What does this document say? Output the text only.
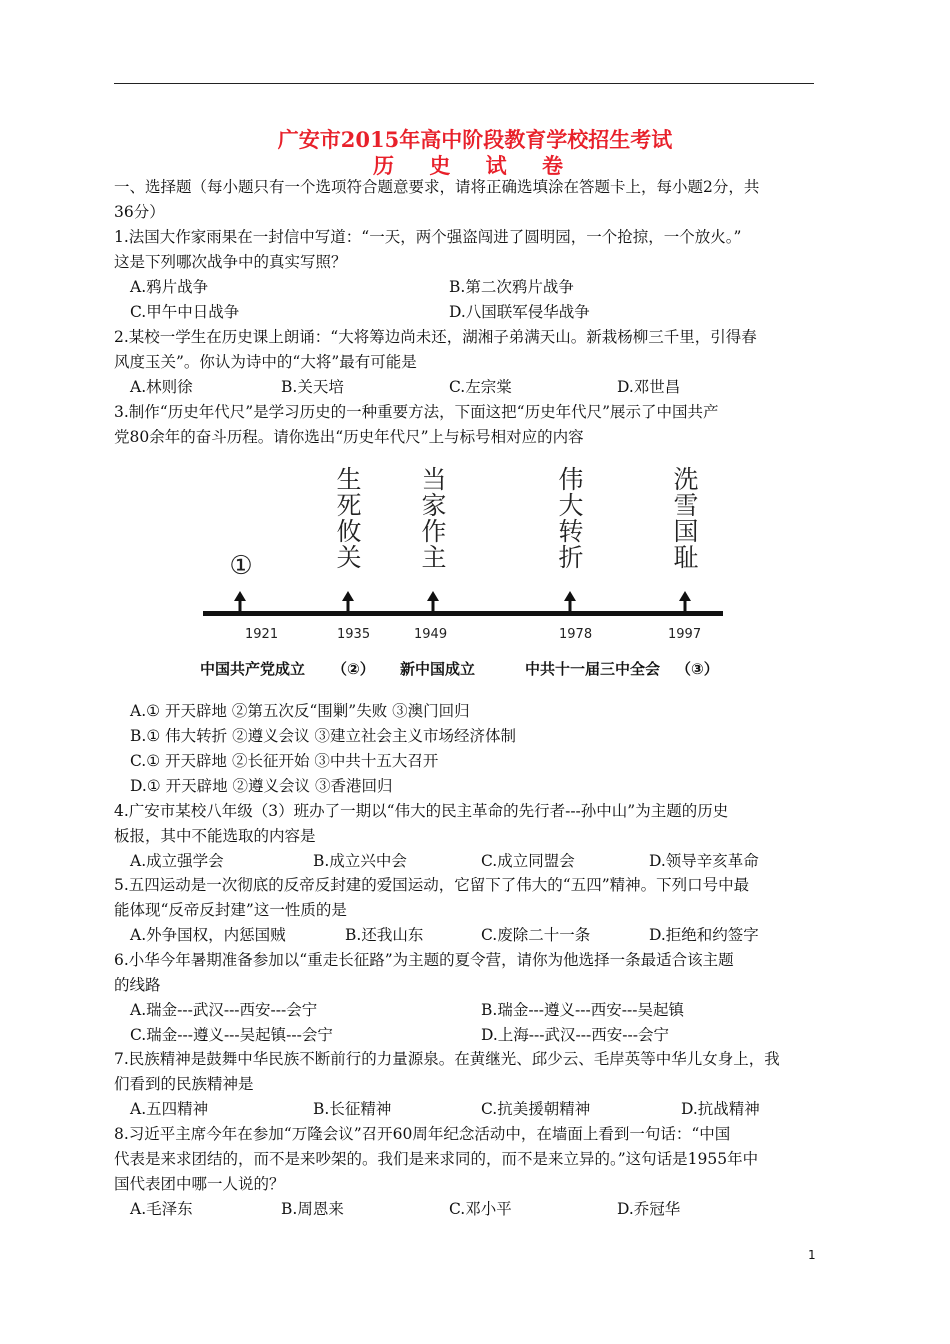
广安市2015年高中阶段教育学校招生考试
历 史 试 卷
一、选择题（每小题只有一个选项符合题意要求，请将正确选填涂在答题卡上，每小题2分，共
36分）
1.法国大作家雨果在一封信中写道：“一天，两个强盗闯进了圆明园，一个抢掠，一个放火。”
这是下列哪次战争中的真实写照？
A.鸦片战争	B.第二次鸦片战争
C.甲午中日战争	D.八国联军侵华战争
2.某校一学生在历史课上朗诵：“大将筹边尚未还，湖湘子弟满天山。新栽杨柳三千里，引得春
风度玉关”。你认为诗中的“大将”最有可能是
A.林则徐	B.关天培	C.左宗棠	D.邓世昌
3.制作“历史年代尺”是学习历史的一种重要方法，下面这把“历史年代尺”展示了中国共产
党80余年的奋斗历程。请你选出“历史年代尺”上与标号相对应的内容
①
生死攸关
当家作主
伟大转折
洗雪国耻
1921	1935	1949	1978	1997
中国共产党成立 （②） 新中国成立	中共十一届三中全会 （③）
A.① 开天辟地 ②第五次反“围剿”失败 ③澳门回归
B.① 伟大转折 ②遵义会议 ③建立社会主义市场经济体制
C.① 开天辟地 ②长征开始 ③中共十五大召开
D.① 开天辟地 ②遵义会议 ③香港回归
4.广安市某校八年级（3）班办了一期以“伟大的民主革命的先行者---孙中山”为主题的历史
板报，其中不能选取的内容是
A.成立强学会	B.成立兴中会	C.成立同盟会	D.领导辛亥革命
5.五四运动是一次彻底的反帝反封建的爱国运动，它留下了伟大的“五四”精神。下列口号中最
能体现“反帝反封建”这一性质的是
A.外争国权，内惩国贼	B.还我山东	C.废除二十一条	D.拒绝和约签字
6.小华今年暑期准备参加以“重走长征路”为主题的夏令营，请你为他选择一条最适合该主题
的线路
A.瑞金---武汉---西安---会宁	B.瑞金---遵义---西安---吴起镇
C.瑞金---遵义---吴起镇---会宁	D.上海---武汉---西安---会宁
7.民族精神是鼓舞中华民族不断前行的力量源泉。在黄继光、邱少云、毛岸英等中华儿女身上，我
们看到的民族精神是
A.五四精神	B.长征精神	C.抗美援朝精神	D.抗战精神
8.习近平主席今年在参加“万隆会议”召开60周年纪念活动中，在墙面上看到一句话：“中国
代表是来求团结的，而不是来吵架的。我们是来求同的，而不是来立异的。”这句话是1955年中
国代表团中哪一人说的？
A.毛泽东	B.周恩来	C.邓小平	D.乔冠华
1
